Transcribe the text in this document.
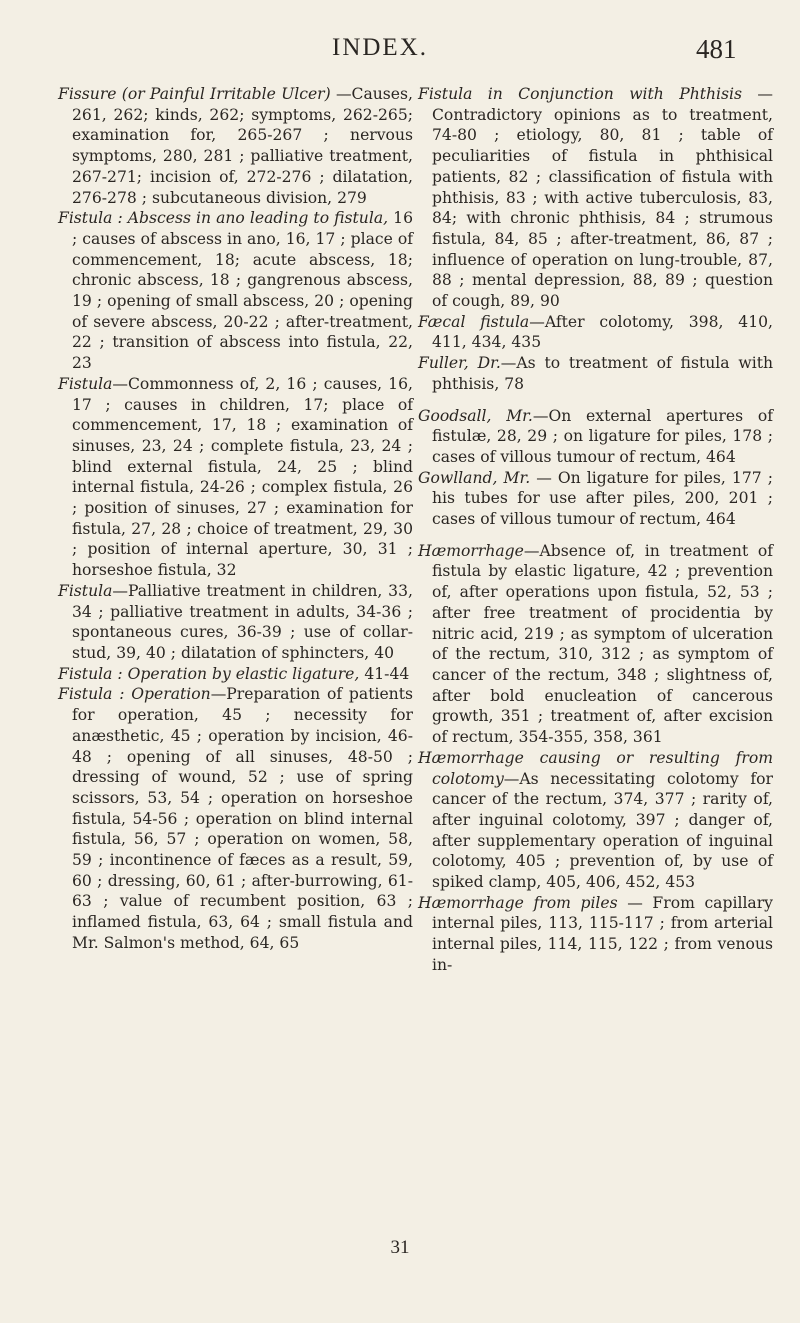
INDEX.	481

Fissure (or Painful Irritable Ulcer) —Causes, 261, 262; kinds, 262; symptoms, 262-265; examination for, 265-267 ; nervous symptoms, 280, 281 ; palliative treatment, 267-271; incision of, 272-276 ; dilatation, 276-278 ; subcutaneous division, 279

Fistula : Abscess in ano leading to fistula, 16 ; causes of abscess in ano, 16, 17 ; place of commencement, 18; acute abscess, 18; chronic abscess, 18 ; gangrenous abscess, 19 ; opening of small abscess, 20 ; opening of severe abscess, 20-22 ; after-treatment, 22 ; transition of abscess into fistula, 22, 23

Fistula—Commonness of, 2, 16 ; causes, 16, 17 ; causes in children, 17; place of commencement, 17, 18 ; examination of sinuses, 23, 24 ; complete fistula, 23, 24 ; blind external fistula, 24, 25 ; blind internal fistula, 24-26 ; complex fistula, 26 ; position of sinuses, 27 ; examination for fistula, 27, 28 ; choice of treatment, 29, 30 ; position of internal aperture, 30, 31 ; horseshoe fistula, 32

Fistula—Palliative treatment in children, 33, 34 ; palliative treatment in adults, 34-36 ; spontaneous cures, 36-39 ; use of collar-stud, 39, 40 ; dilatation of sphincters, 40

Fistula : Operation by elastic ligature, 41-44

Fistula : Operation—Preparation of patients for operation, 45 ; necessity for anæsthetic, 45 ; operation by incision, 46-48 ; opening of all sinuses, 48-50 ; dressing of wound, 52 ; use of spring scissors, 53, 54 ; operation on horseshoe fistula, 54-56 ; operation on blind internal fistula, 56, 57 ; operation on women, 58, 59 ; incontinence of fæces as a result, 59, 60 ; dressing, 60, 61 ; after-burrowing, 61-63 ; value of recumbent position, 63 ; inflamed fistula, 63, 64 ; small fistula and Mr. Salmon's method, 64, 65

Fistula in Conjunction with Phthisis —Contradictory opinions as to treatment, 74-80 ; etiology, 80, 81 ; table of peculiarities of fistula in phthisical patients, 82 ; classification of fistula with phthisis, 83 ; with active tuberculosis, 83, 84; with chronic phthisis, 84 ; strumous fistula, 84, 85 ; after-treatment, 86, 87 ; influence of operation on lung-trouble, 87, 88 ; mental depression, 88, 89 ; question of cough, 89, 90

Fæcal fistula—After colotomy, 398, 410, 411, 434, 435

Fuller, Dr.—As to treatment of fistula with phthisis, 78

Goodsall, Mr.—On external apertures of fistulæ, 28, 29 ; on ligature for piles, 178 ; cases of villous tumour of rectum, 464

Gowlland, Mr. — On ligature for piles, 177 ; his tubes for use after piles, 200, 201 ; cases of villous tumour of rectum, 464

Hæmorrhage—Absence of, in treatment of fistula by elastic ligature, 42 ; prevention of, after operations upon fistula, 52, 53 ; after free treatment of procidentia by nitric acid, 219 ; as symptom of ulceration of the rectum, 310, 312 ; as symptom of cancer of the rectum, 348 ; slightness of, after bold enucleation of cancerous growth, 351 ; treatment of, after excision of rectum, 354-355, 358, 361

Hæmorrhage causing or resulting from colotomy—As necessitating colotomy for cancer of the rectum, 374, 377 ; rarity of, after inguinal colotomy, 397 ; danger of, after supplementary operation of inguinal colotomy, 405 ; prevention of, by use of spiked clamp, 405, 406, 452, 453

Hæmorrhage from piles — From capillary internal piles, 113, 115-117 ; from arterial internal piles, 114, 115, 122 ; from venous in-

31
